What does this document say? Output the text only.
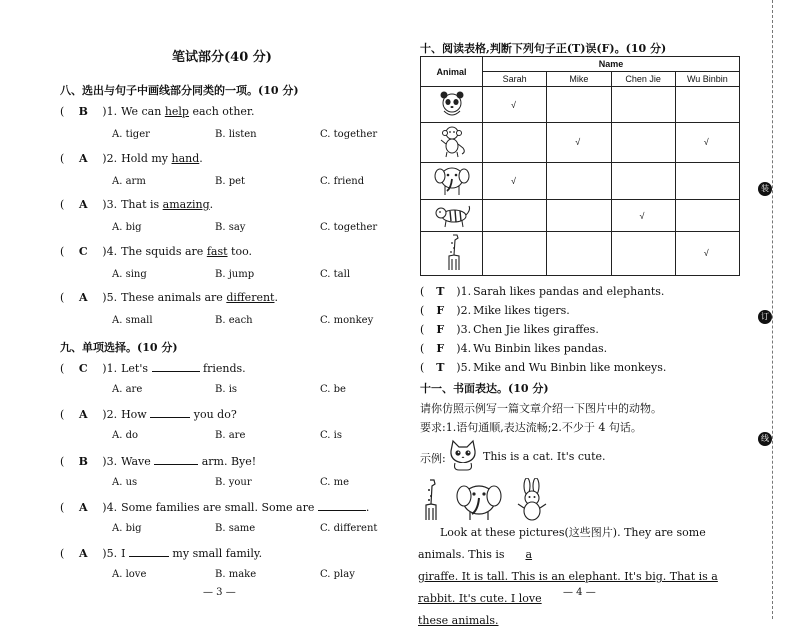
笔试部分(40 分)
八、选出与句子中画线部分同类的一项。(10 分)
( B )1. We can help each other.
A. tiger	B. listen	C. together
( A )2. Hold my hand.
A. arm	B. pet	C. friend
( A )3. That is amazing.
A. big	B. say	C. together
( C )4. The squids are fast too.
A. sing	B. jump	C. tall
( A )5. These animals are different.
A. small	B. each	C. monkey
( C )1. Let's	friends.
A. are	B. is	C. be
( A )2. How	you do?
A. do	B. are	C. is
( B )3. Wave	arm. Bye!
A. us	B. your	C. me
( A )4. Some families are small. Some are	.
A. big	B. same	C. different
( A )5. I	my small family.
A. love	B. make	C. play
九、单项选择。(10 分)
— 3 —
十、阅读表格,判断下列句子正(T)误(F)。(10 分)
Animal	Name			
	Sarah	Mike	Chen Jie	Wu Binbin
	√			
		√		√
	√			
			√	
				√
( T )1. Sarah likes pandas and elephants.
( F )2. Mike likes tigers.
( F )3. Chen Jie likes giraffes.
( F )4. Wu Binbin likes pandas.
( T )5. Mike and Wu Binbin like monkeys.
十一、书面表达。(10 分)
请你仿照示例写一篇文章介绍一下图片中的动物。
要求:1.语句通顺,表达流畅;2.不少于 4 句话。
示例:	This is a cat. It's cute.
Look at these pictures(这些图片). They are some animals. This is a
giraffe. It is tall. This is an elephant. It's big. That is a rabbit. It's cute. I love
these animals.
— 4 —
装
订
线
